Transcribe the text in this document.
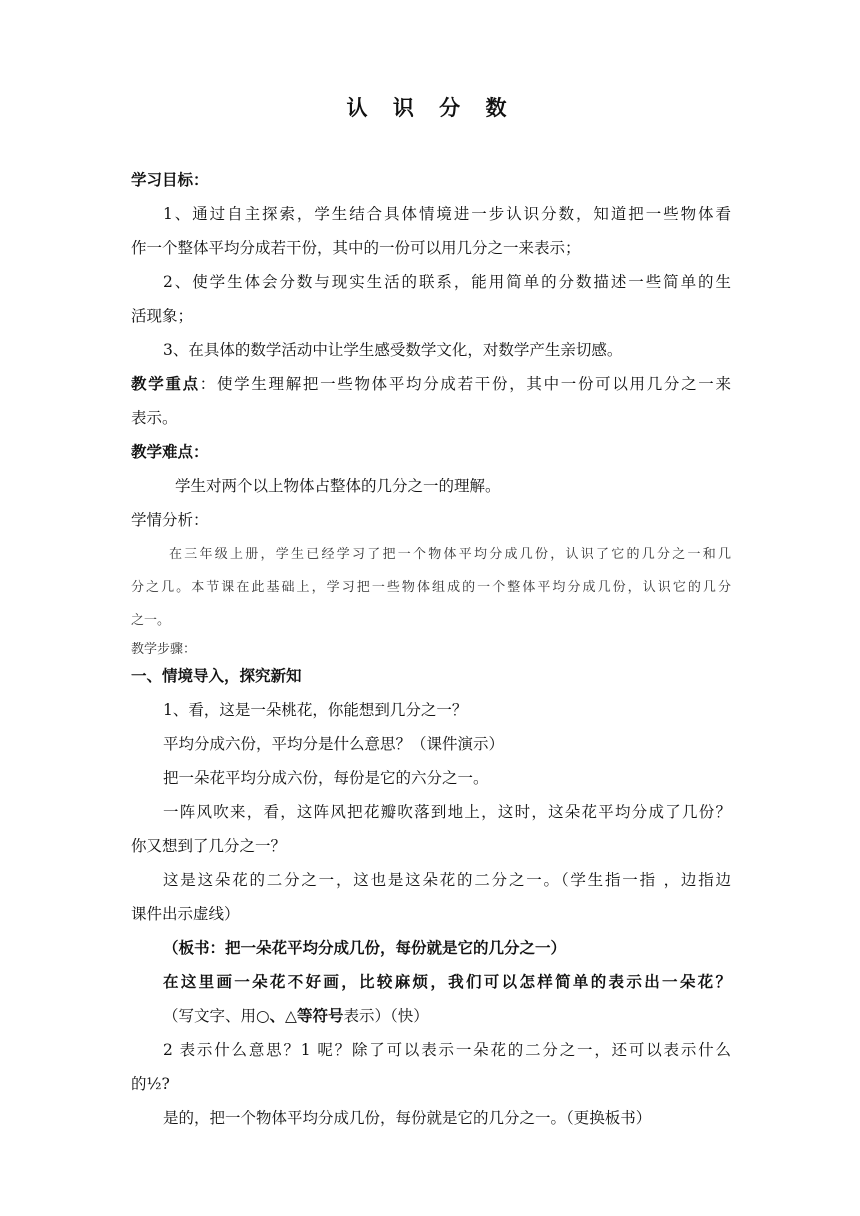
认 识 分 数
学习目标：
1、通过自主探索，学生结合具体情境进一步认识分数，知道把一些物体看
作一个整体平均分成若干份，其中的一份可以用几分之一来表示；
2、使学生体会分数与现实生活的联系，能用简单的分数描述一些简单的生
活现象；
3、在具体的数学活动中让学生感受数学文化，对数学产生亲切感。
教学重点：使学生理解把一些物体平均分成若干份，其中一份可以用几分之一来
表示。
教学难点：
学生对两个以上物体占整体的几分之一的理解。
学情分析：
在三年级上册，学生已经学习了把一个物体平均分成几份，认识了它的几分之一和几
分之几。本节课在此基础上，学习把一些物体组成的一个整体平均分成几份，认识它的几分
之一。
教学步骤：
一、情境导入，探究新知
1、看，这是一朵桃花，你能想到几分之一？
平均分成六份，平均分是什么意思？（课件演示）
把一朵花平均分成六份，每份是它的六分之一。
一阵风吹来，看，这阵风把花瓣吹落到地上，这时，这朵花平均分成了几份？
你又想到了几分之一？
这是这朵花的二分之一，这也是这朵花的二分之一。（学生指一指 ，边指边
课件出示虚线）
（板书：把一朵花平均分成几份，每份就是它的几分之一）
在这里画一朵花不好画，比较麻烦，我们可以怎样简单的表示出一朵花？
（写文字、用○、△等符号表示）（快）
2 表示什么意思？1 呢？除了可以表示一朵花的二分之一，还可以表示什么
的½?
是的，把一个物体平均分成几份，每份就是它的几分之一。（更换板书）
